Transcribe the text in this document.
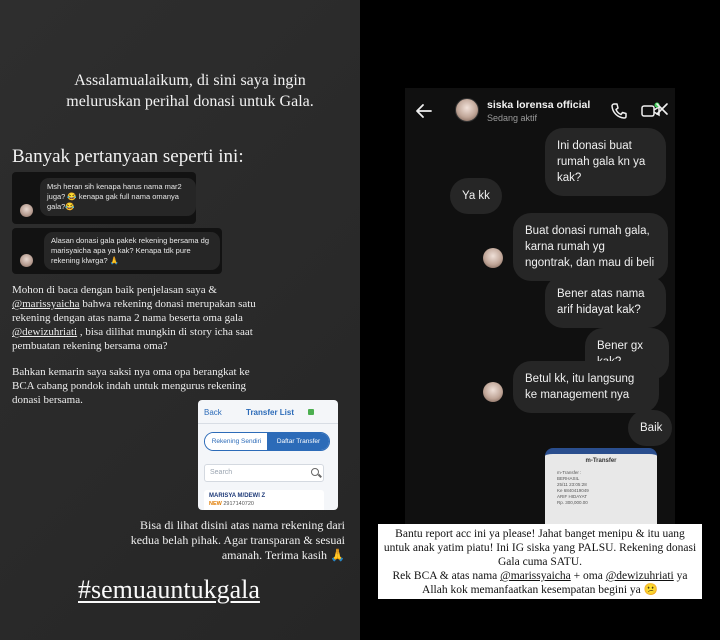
Assalamualaikum, di sini saya ingin meluruskan perihal donasi untuk Gala.
Banyak pertanyaan seperti ini:
Msh heran sih kenapa harus nama mar2 juga? 😂 kenapa gak full nama omanya gala?😂
Alasan donasi gala pakek rekening bersama dg marisyaicha apa ya kak? Kenapa tdk pure rekening klwrga? 🙏
Mohon di baca dengan baik penjelasan saya & @marissyaicha bahwa rekening donasi merupakan satu rekening dengan atas nama 2 nama beserta oma gala @dewizuhriati , bisa dilihat mungkin di story icha saat pembuatan rekening bersama oma?
Bahkan kemarin saya saksi nya oma opa berangkat ke BCA cabang pondok indah untuk mengurus rekening donasi bersama.
Back	Transfer List
Rekening Sendiri	Daftar Transfer
Search
MARISYA M/DEWI Z
NEW 2917140720
Bisa di lihat disini atas nama rekening dari kedua belah pihak. Agar transparan & sesuai amanah. Terima kasih 🙏
#semuauntukgala
siska lorensa official
Sedang aktif
Ini donasi buat rumah gala kn ya kak?
Ya kk
Buat donasi rumah gala, karna rumah yg ngontrak, dan mau di beli
Bener atas nama arif hidayat kak?
Bener gx
Betul kk, itu langsung ke management nya
Baik
m-Transfer
m-Transfer :
BERHASIL
25/11 23:05:28
Ke 6840419049
ARIF HIDAYAT
Rp. 300,000.00
Bantu report acc ini ya please! Jahat banget menipu & itu uang untuk anak yatim piatu! Ini IG siska yang PALSU. Rekening donasi Gala cuma SATU.
Rek BCA & atas nama @marissyaicha + oma @dewizuhriati ya Allah kok memanfaatkan kesempatan begini ya 😕
